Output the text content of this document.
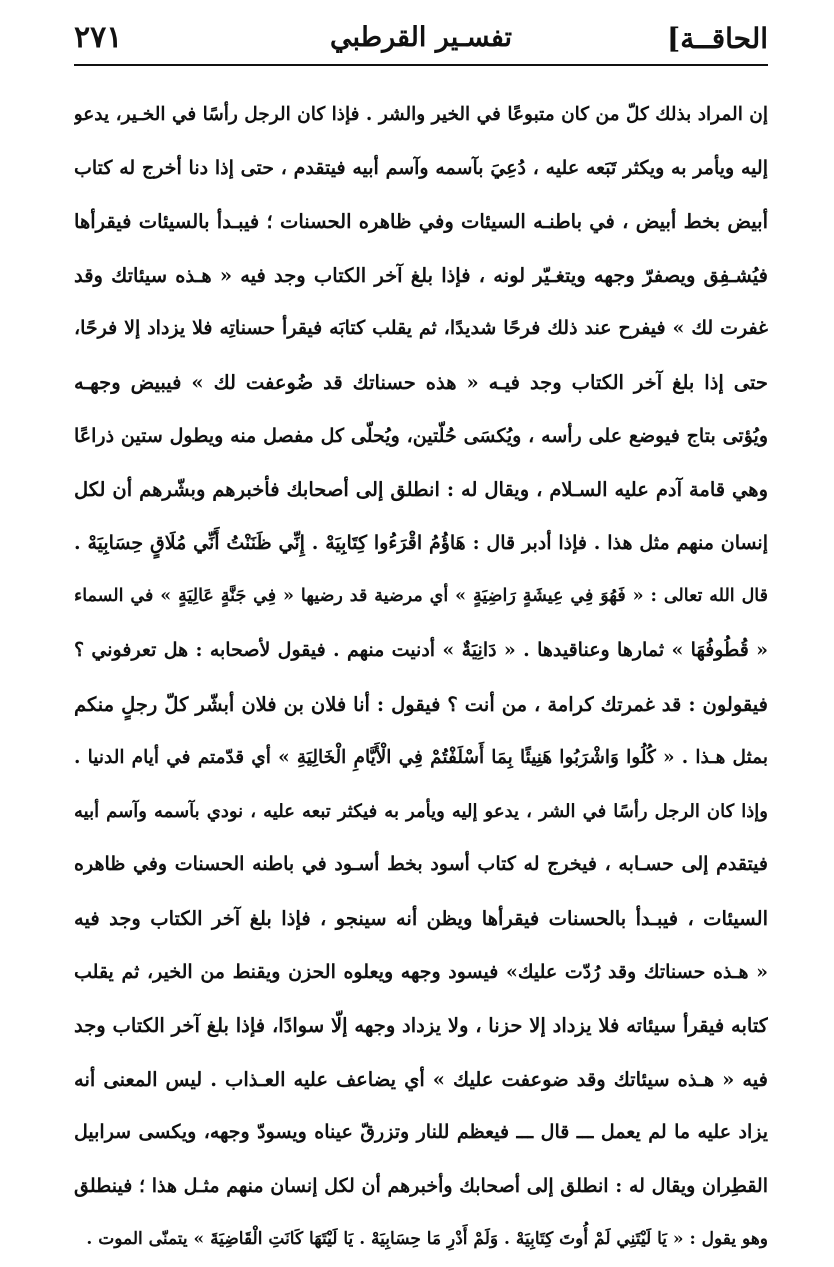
الحاقــة]
تفسـير القرطبي
٢٧١
إن المراد بذلك كلّ من كان متبوعًا في الخير والشر . فإذا كان الرجل رأسًا في الخـير، يدعو
إليه ويأمر به ويكثر تَبَعه عليه ، دُعِيَ بآسمه وآسم أبيه فيتقدم ، حتى إذا دنا أخرج له كتاب
أبيض بخط أبيض ، في باطنـه السيئات وفي ظاهره الحسنات ؛ فيبـدأ بالسيئات فيقرأها
فيُشـفِق ويصفرّ وجهه ويتغـيّر لونه ، فإذا بلغ آخر الكتاب وجد فيه « هـذه سيئاتك وقد
غفرت لك » فيفرح عند ذلك فرحًا شديدًا، ثم يقلب كتابَه فيقرأ حسناتِه فلا يزداد إلا فرحًا،
حتى إذا بلغ آخر الكتاب وجد فيـه « هذه حسناتك قد ضُوعفت لك » فيبيض وجهـه
ويُؤتى بتاج فيوضع على رأسه ، ويُكسَى حُلّتين، ويُحلّى كل مفصل منه ويطول ستين ذراعًا
وهي قامة آدم عليه السـلام ، ويقال له : انطلق إلى أصحابك فأخبرهم وبشّرهم أن لكل
إنسان منهم مثل هذا . فإذا أدبر قال : هَاؤُمُ اقْرَءُوا كِتَابِيَهْ . إِنِّي ظَنَنْتُ أَنِّي مُلَاقٍ حِسَابِيَهْ .
قال الله تعالى : « فَهُوَ فِي عِيشَةٍ رَاضِيَةٍ » أي مرضية قد رضيها « فِي جَنَّةٍ عَالِيَةٍ » في السماء
« قُطُوفُهَا » ثمارها وعناقيدها . « دَانِيَةٌ » أدنيت منهم . فيقول لأصحابه : هل تعرفوني ؟
فيقولون : قد غمرتك كرامة ، من أنت ؟ فيقول : أنا فلان بن فلان أبشّر كلّ رجلٍ منكم
بمثل هـذا . « كُلُوا وَاشْرَبُوا هَنِيئًا بِمَا أَسْلَفْتُمْ فِي الْأَيَّامِ الْخَالِيَةِ » أي قدّمتم في أيام الدنيا .
وإذا كان الرجل رأسًا في الشر ، يدعو إليه ويأمر به فيكثر تبعه عليه ، نودي بآسمه وآسم أبيه
فيتقدم إلى حسـابه ، فيخرج له كتاب أسود بخط أسـود في باطنه الحسنات وفي ظاهره
السيئات ، فيبـدأ بالحسنات فيقرأها ويظن أنه سينجو ، فإذا بلغ آخر الكتاب وجد فيه
« هـذه حسناتك وقد رُدّت عليك» فيسود وجهه ويعلوه الحزن ويقنط من الخير، ثم يقلب
كتابه فيقرأ سيئاته فلا يزداد إلا حزنا ، ولا يزداد وجهه إلّا سوادًا، فإذا بلغ آخر الكتاب وجد
فيه « هـذه سيئاتك وقد ضوعفت عليك » أي يضاعف عليه العـذاب . ليس المعنى أنه
يزاد عليه ما لم يعمل ـــ قال ـــ فيعظم للنار وتزرقّ عيناه ويسودّ وجهه، ويكسى سرابيل
القطِران ويقال له : انطلق إلى أصحابك وأخبرهم أن لكل إنسان منهم مثـل هذا ؛ فينطلق
وهو يقول : « يَا لَيْتَنِي لَمْ أُوتَ كِتَابِيَهْ . وَلَمْ أَدْرِ مَا حِسَابِيَهْ . يَا لَيْتَهَا كَانَتِ الْقَاضِيَةَ » يتمنّى الموت .
